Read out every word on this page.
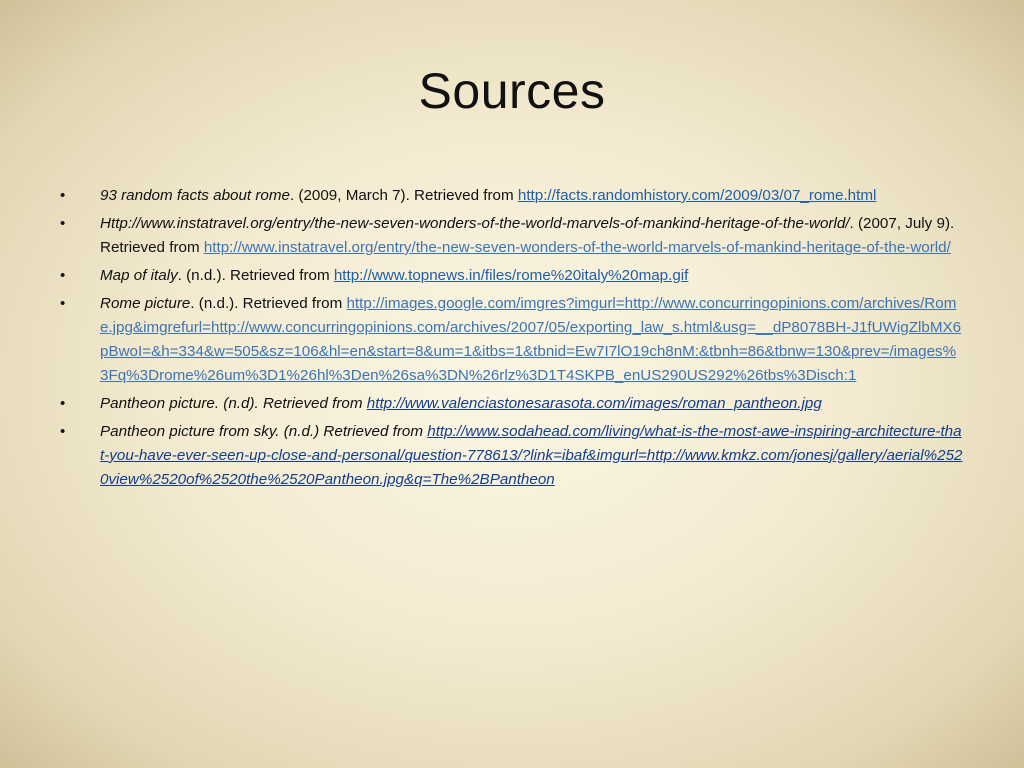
Sources
• 93 random facts about rome. (2009, March 7). Retrieved from http://facts.randomhistory.com/2009/03/07_rome.html
• Http://www.instatravel.org/entry/the-new-seven-wonders-of-the-world-marvels-of-mankind-heritage-of-the-world/. (2007, July 9). Retrieved from http://www.instatravel.org/entry/the-new-seven-wonders-of-the-world-marvels-of-mankind-heritage-of-the-world/
• Map of italy. (n.d.). Retrieved from http://www.topnews.in/files/rome%20italy%20map.gif
• Rome picture. (n.d.). Retrieved from http://images.google.com/imgres?imgurl=http://www.concurringopinions.com/archives/Rome.jpg&imgrefurl=http://www.concurringopinions.com/archives/2007/05/exporting_law_s.html&usg=__dP8078BH-J1fUWigZlbMX6pBwoI=&h=334&w=505&sz=106&hl=en&start=8&um=1&itbs=1&tbnid=Ew7I7lO19ch8nM:&tbnh=86&tbnw=130&prev=/images%3Fq%3Drome%26um%3D1%26hl%3Den%26sa%3DN%26rlz%3D1T4SKPB_enUS290US292%26tbs%3Disch:1
• Pantheon picture. (n.d). Retrieved from http://www.valenciastonesarasota.com/images/roman_pantheon.jpg
• Pantheon picture from sky. (n.d.) Retrieved from http://www.sodahead.com/living/what-is-the-most-awe-inspiring-architecture-that-you-have-ever-seen-up-close-and-personal/question-778613/?link=ibaf&imgurl=http://www.kmkz.com/jonesj/gallery/aerial%2520view%2520of%2520the%2520Pantheon.jpg&q=The%2BPantheon
